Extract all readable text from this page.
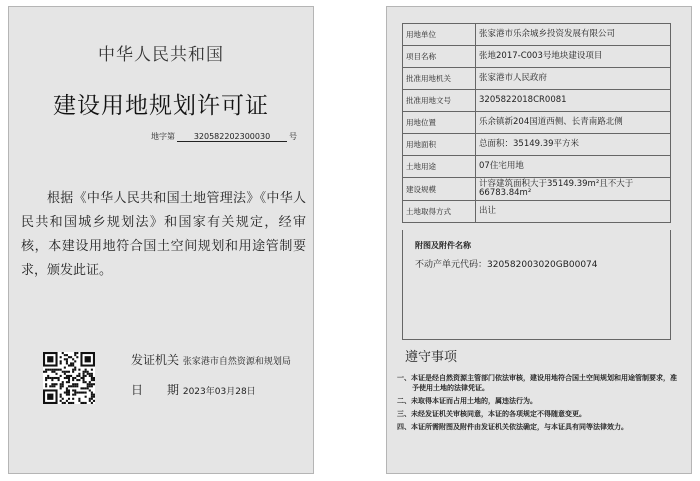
中华人民共和国
建设用地规划许可证
地字第 320582202300030 号
根据《中华人民共和国土地管理法》《中华人民共和国城乡规划法》和国家有关规定，经审核，本建设用地符合国土空间规划和用途管制要求，颁发此证。
发证机关 张家港市自然资源和规划局
日 期 2023年03月28日
用地单位	张家港市乐余城乡投资发展有限公司
项目名称	张地2017-C003号地块建设项目
批准用地机关	张家港市人民政府
批准用地文号	3205822018CR0081
用地位置	乐余镇新204国道西侧、长青南路北侧
用地面积	总面积：35149.39平方米
土地用途	07住宅用地
建设规模	计容建筑面积大于35149.39m²且不大于66783.84m²
土地取得方式	出让
附图及附件名称
不动产单元代码：320582003020GB00074
遵守事项
一、本证是经自然资源主管部门依法审核，建设用地符合国土空间规划和用途管制要求，准予使用土地的法律凭证。
二、未取得本证而占用土地的，属违法行为。
三、未经发证机关审核同意，本证的各项规定不得随意变更。
四、本证所需附图及附件由发证机关依法确定，与本证具有同等法律效力。
